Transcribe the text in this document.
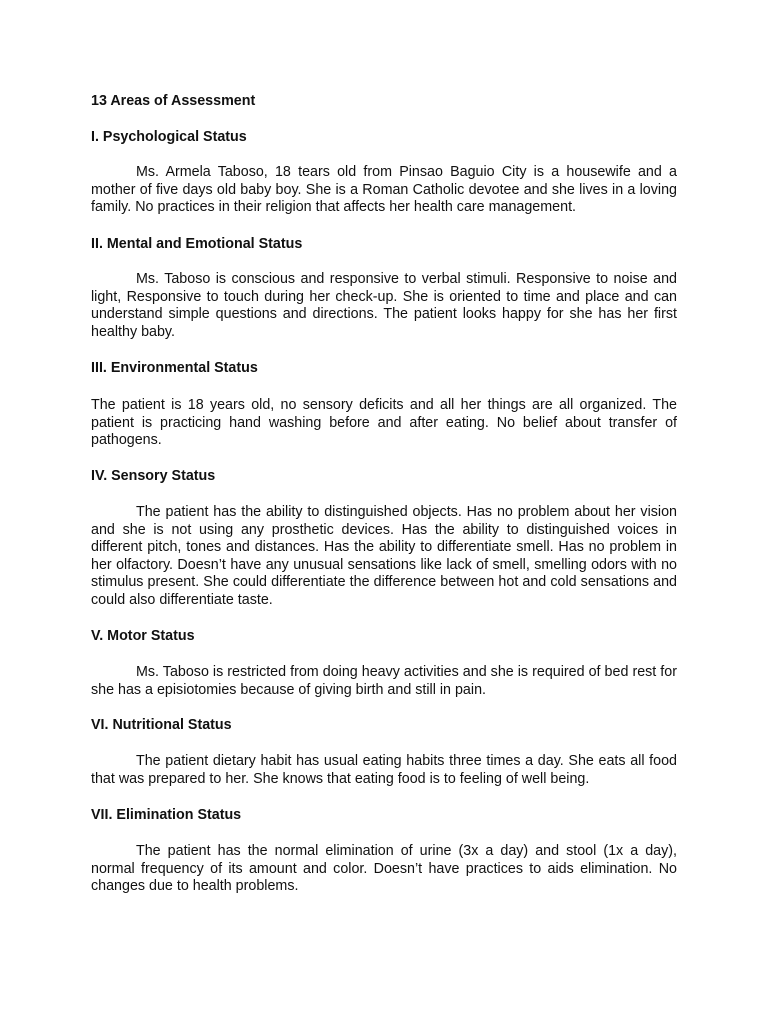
13 Areas of Assessment
I. Psychological Status

Ms. Armela Taboso, 18 tears old from Pinsao Baguio City is a housewife and a mother of five days old baby boy. She is a Roman Catholic devotee and she lives in a loving family. No practices in their religion that affects her health care management.

II. Mental and Emotional Status

Ms. Taboso is conscious and responsive to verbal stimuli. Responsive to noise and light, Responsive to touch during her check-up. She is oriented to time and place and can understand simple questions and directions. The patient looks happy for she has her first healthy baby.

III. Environmental Status

The patient is 18 years old, no sensory deficits and all her things are all organized. The patient is practicing hand washing before and after eating. No belief about transfer of pathogens.

IV. Sensory Status

The patient has the ability to distinguished objects. Has no problem about her vision and she is not using any prosthetic devices. Has the ability to distinguished voices in different pitch, tones and distances. Has the ability to differentiate smell. Has no problem in her olfactory. Doesn’t have any unusual sensations like lack of smell, smelling odors with no stimulus present. She could differentiate the difference between hot and cold sensations and could also differentiate taste.

V. Motor Status

Ms. Taboso is restricted from doing heavy activities and she is required of bed rest for she has a episiotomies because of giving birth and still in pain.

VI. Nutritional Status

The patient dietary habit has usual eating habits three times a day. She eats all food that was prepared to her. She knows that eating food is to feeling of well being.

VII. Elimination Status

The patient has the normal elimination of urine (3x a day) and stool (1x a day), normal frequency of its amount and color. Doesn’t have practices to aids elimination. No changes due to health problems.
